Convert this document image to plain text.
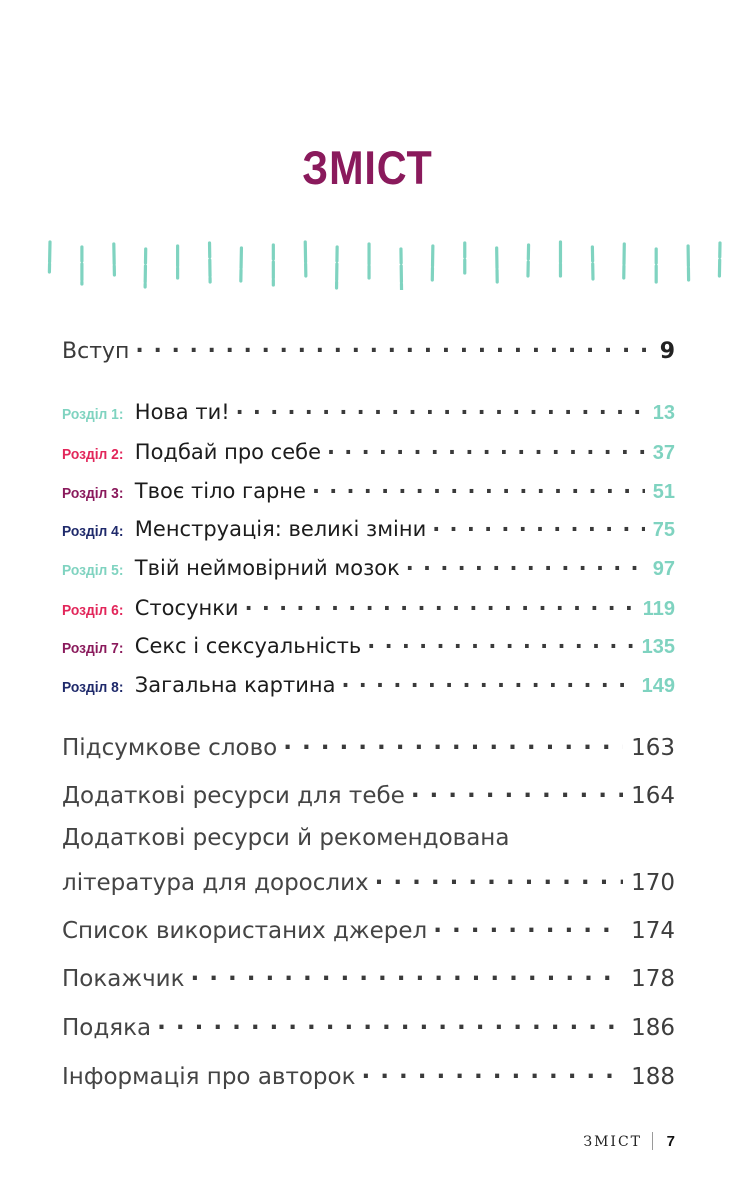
ЗМІСТ
Вступ . . .	9
Розділ 1: Нова ти! . . .	13
Розділ 2: Подбай про себе . . .	37
Розділ 3: Твоє тіло гарне . . .	51
Розділ 4: Менструація: великі зміни . . .	75
Розділ 5: Твій неймовірний мозок . . .	97
Розділ 6: Стосунки . . .	119
Розділ 7: Секс і сексуальність . . .	135
Розділ 8: Загальна картина . . .	149
Підсумкове слово . . .	163
Додаткові ресурси для тебе . . .	164
Додаткові ресурси й рекомендована
література для дорослих . . .	170
Список використаних джерел . . .	174
Покажчик . . .	178
Подяка . . .	186
Інформація про авторок . . .	188
ЗМІСТ 7
